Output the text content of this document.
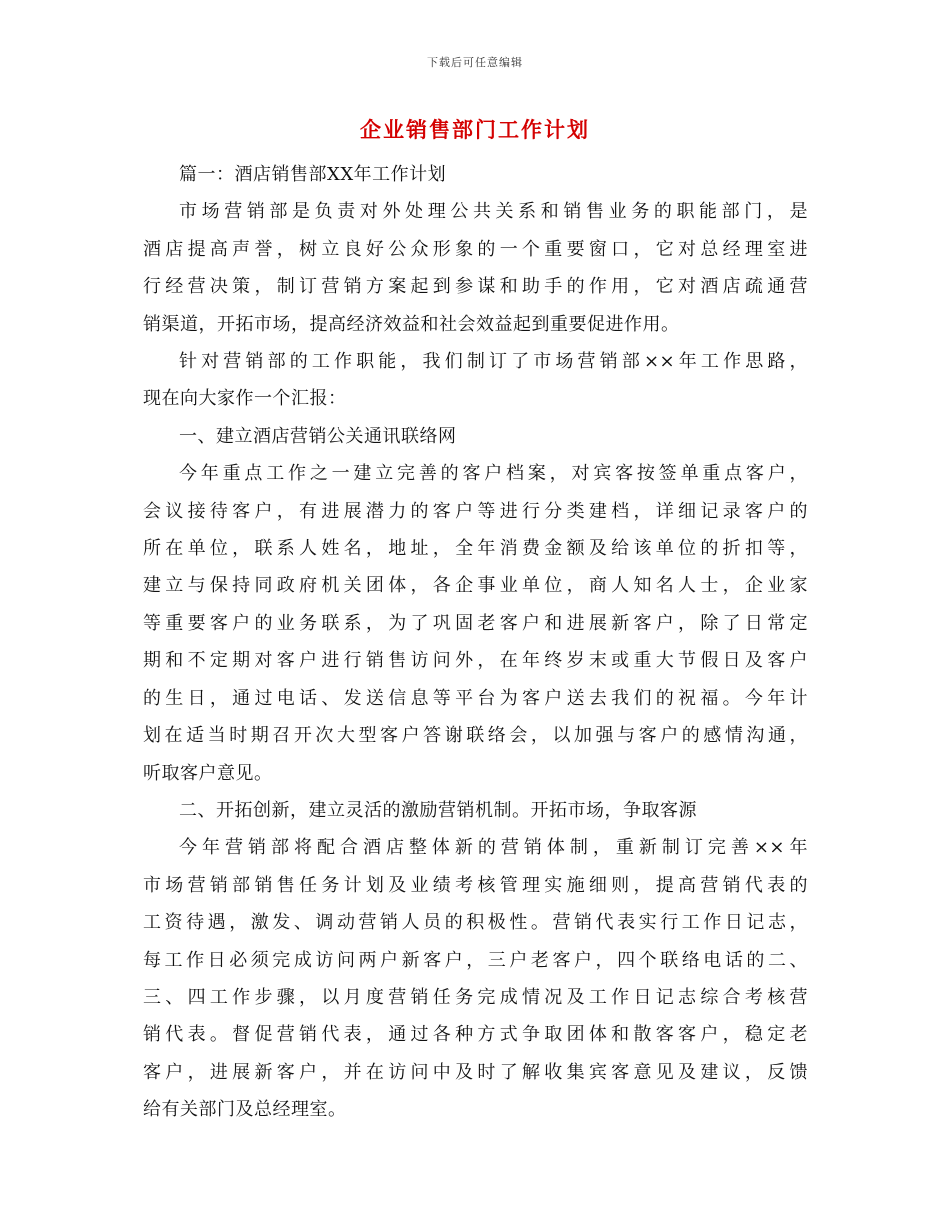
下载后可任意编辑
企业销售部门工作计划
篇一：酒店销售部XX年工作计划
市场营销部是负责对外处理公共关系和销售业务的职能部门，是
酒店提高声誉，树立良好公众形象的一个重要窗口，它对总经理室进
行经营决策，制订营销方案起到参谋和助手的作用，它对酒店疏通营
销渠道，开拓市场，提高经济效益和社会效益起到重要促进作用。
针对营销部的工作职能，我们制订了市场营销部××年工作思路，
现在向大家作一个汇报：
一、建立酒店营销公关通讯联络网
今年重点工作之一建立完善的客户档案，对宾客按签单重点客户，
会议接待客户，有进展潜力的客户等进行分类建档，详细记录客户的
所在单位，联系人姓名，地址，全年消费金额及给该单位的折扣等，
建立与保持同政府机关团体，各企事业单位，商人知名人士，企业家
等重要客户的业务联系，为了巩固老客户和进展新客户，除了日常定
期和不定期对客户进行销售访问外，在年终岁末或重大节假日及客户
的生日，通过电话、发送信息等平台为客户送去我们的祝福。今年计
划在适当时期召开次大型客户答谢联络会，以加强与客户的感情沟通，
听取客户意见。
二、开拓创新，建立灵活的激励营销机制。开拓市场，争取客源
今年营销部将配合酒店整体新的营销体制，重新制订完善××年
市场营销部销售任务计划及业绩考核管理实施细则，提高营销代表的
工资待遇，激发、调动营销人员的积极性。营销代表实行工作日记志，
每工作日必须完成访问两户新客户，三户老客户，四个联络电话的二、
三、四工作步骤，以月度营销任务完成情况及工作日记志综合考核营
销代表。督促营销代表，通过各种方式争取团体和散客客户，稳定老
客户，进展新客户，并在访问中及时了解收集宾客意见及建议，反馈
给有关部门及总经理室。
